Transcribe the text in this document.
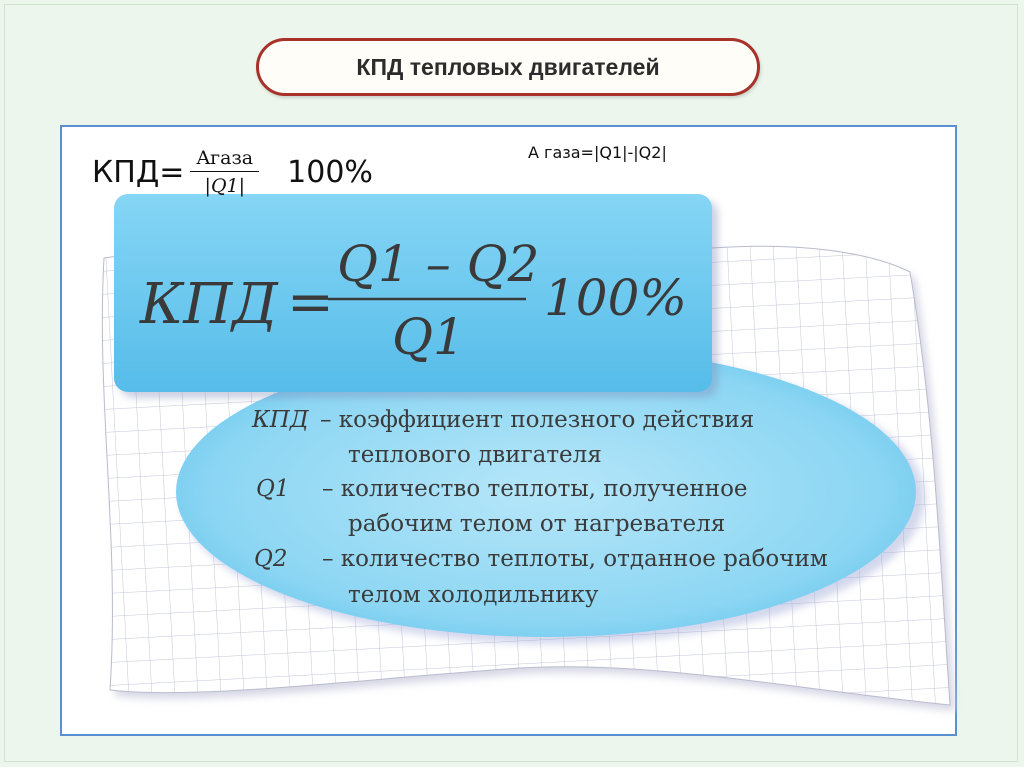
КПД тепловых двигателей
КПД =
Q1 – Q2
Q1
100%
КПД – коэффициент полезного действия
теплового двигателя
Q1 – количество теплоты, полученное
рабочим телом от нагревателя
Q2 – количество теплоты, отданное рабочим
телом холодильнику
$КПД= \frac{\text{Aгаза}}{|Q1|} 100\%$
А газа=|Q1|-|Q2|
